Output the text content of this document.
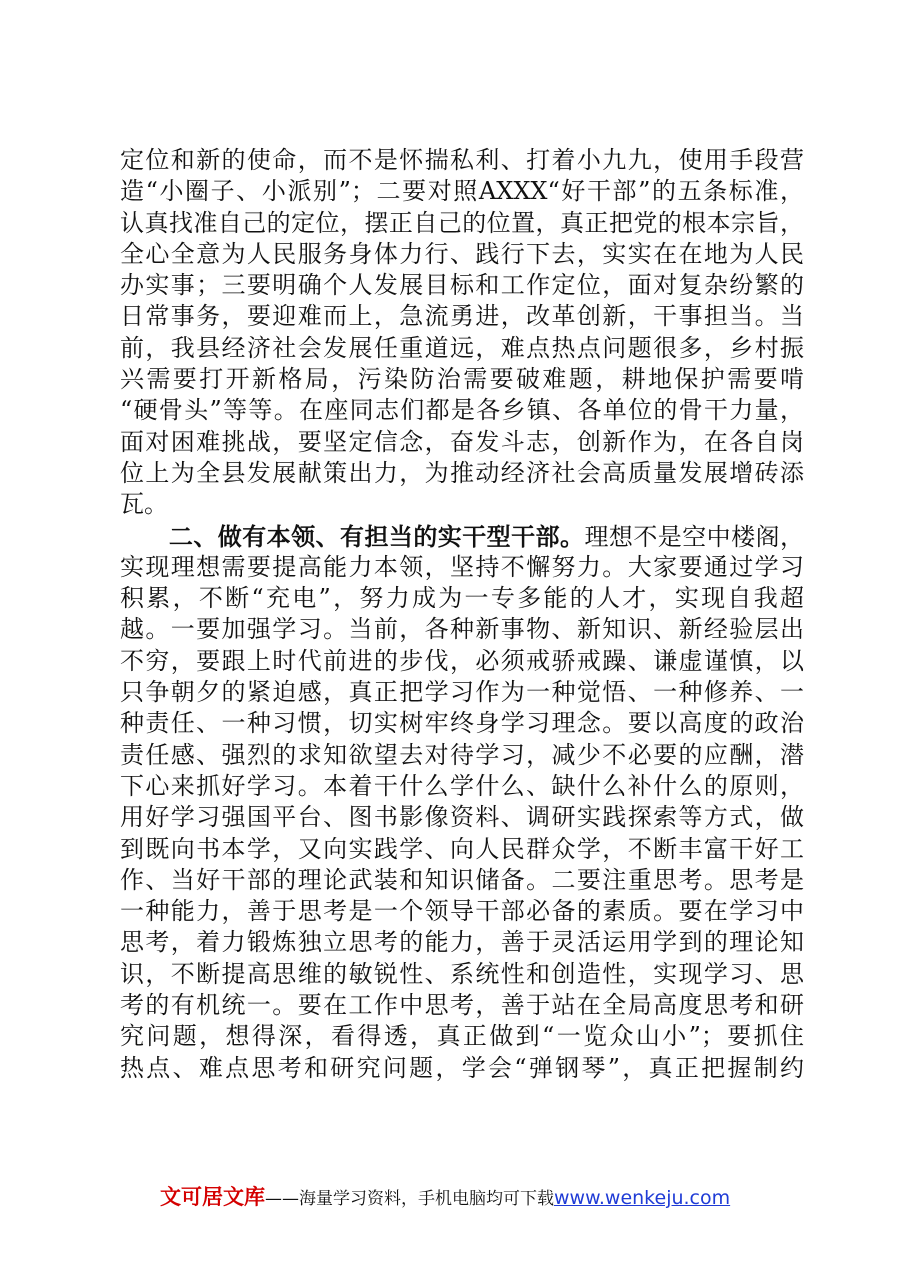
定位和新的使命，而不是怀揣私利、打着小九九，使用手段营
造“小圈子、小派别”；二要对照AXXX“好干部”的五条标准，
认真找准自己的定位，摆正自己的位置，真正把党的根本宗旨，
全心全意为人民服务身体力行、践行下去，实实在在地为人民
办实事；三要明确个人发展目标和工作定位，面对复杂纷繁的
日常事务，要迎难而上，急流勇进，改革创新，干事担当。当
前，我县经济社会发展任重道远，难点热点问题很多，乡村振
兴需要打开新格局，污染防治需要破难题，耕地保护需要啃
“硬骨头”等等。在座同志们都是各乡镇、各单位的骨干力量，
面对困难挑战，要坚定信念，奋发斗志，创新作为，在各自岗
位上为全县发展献策出力，为推动经济社会高质量发展增砖添
瓦。
　　二、做有本领、有担当的实干型干部。理想不是空中楼阁，
实现理想需要提高能力本领，坚持不懈努力。大家要通过学习
积累，不断“充电”，努力成为一专多能的人才，实现自我超
越。一要加强学习。当前，各种新事物、新知识、新经验层出
不穷，要跟上时代前进的步伐，必须戒骄戒躁、谦虚谨慎，以
只争朝夕的紧迫感，真正把学习作为一种觉悟、一种修养、一
种责任、一种习惯，切实树牢终身学习理念。要以高度的政治
责任感、强烈的求知欲望去对待学习，减少不必要的应酬，潜
下心来抓好学习。本着干什么学什么、缺什么补什么的原则，
用好学习强国平台、图书影像资料、调研实践探索等方式，做
到既向书本学，又向实践学、向人民群众学，不断丰富干好工
作、当好干部的理论武装和知识储备。二要注重思考。思考是
一种能力，善于思考是一个领导干部必备的素质。要在学习中
思考，着力锻炼独立思考的能力，善于灵活运用学到的理论知
识，不断提高思维的敏锐性、系统性和创造性，实现学习、思
考的有机统一。要在工作中思考，善于站在全局高度思考和研
究问题，想得深，看得透，真正做到“一览众山小”；要抓住
热点、难点思考和研究问题，学会“弹钢琴”，真正把握制约
文可居文库——海量学习资料，手机电脑均可下载www.wenkeju.com
